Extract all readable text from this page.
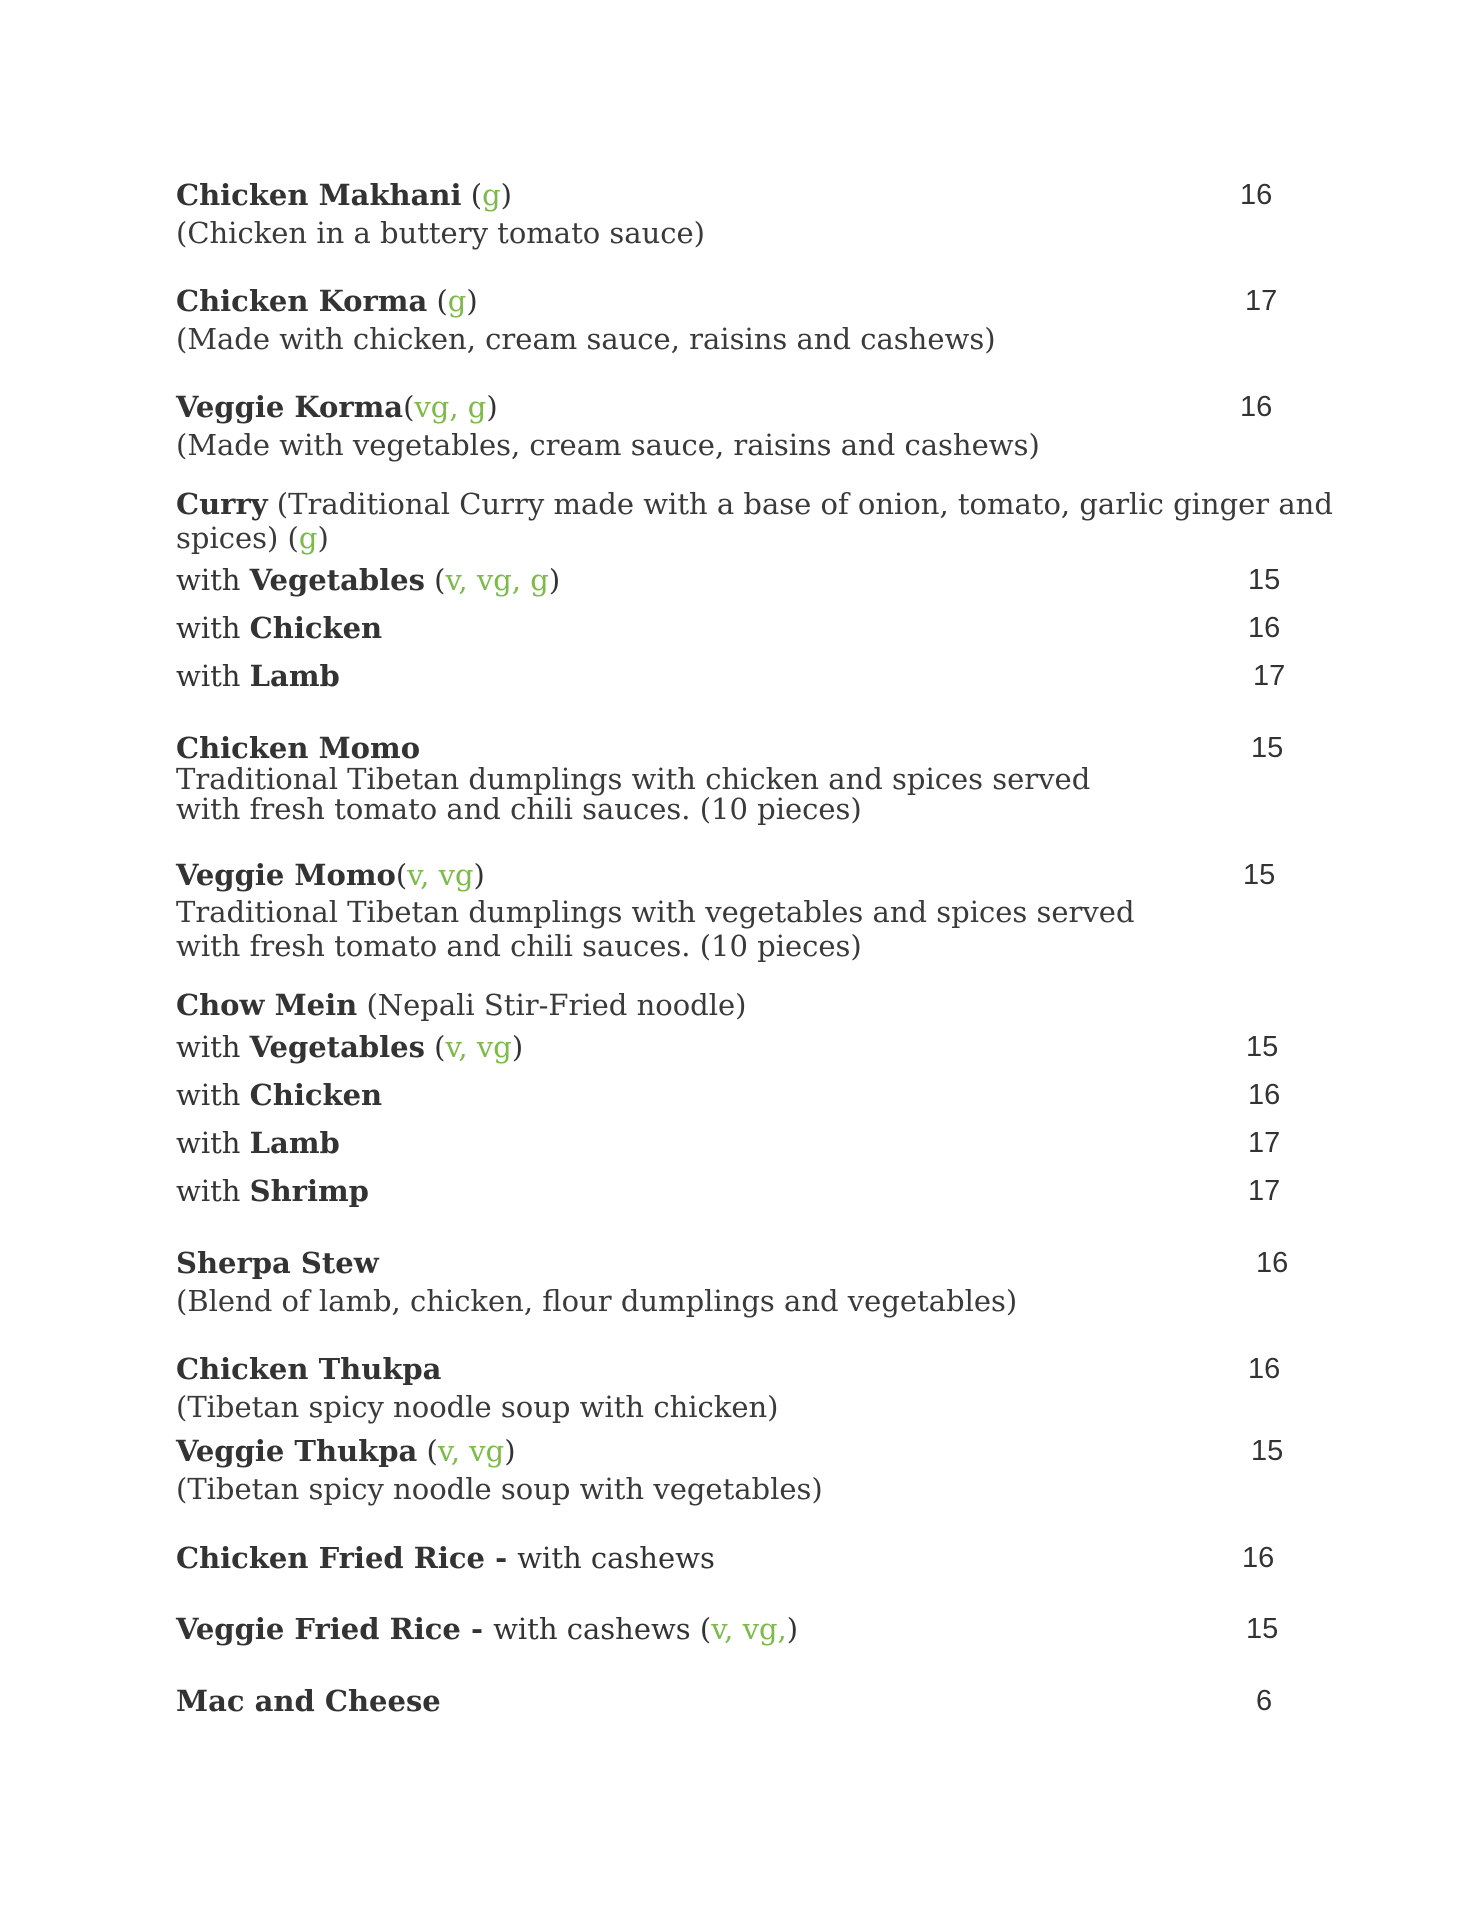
Chicken Makhani (g)	16
(Chicken in a buttery tomato sauce)
Chicken Korma (g)	17
(Made with chicken, cream sauce, raisins and cashews)
Veggie Korma(vg, g)	16
(Made with vegetables, cream sauce, raisins and cashews)
Curry (Traditional Curry made with a base of onion, tomato, garlic ginger and
spices) (g)
with Vegetables (v, vg, g)	15
with Chicken	16
with Lamb	17
Chicken Momo	15
Traditional Tibetan dumplings with chicken and spices served
with fresh tomato and chili sauces. (10 pieces)
Veggie Momo(v, vg)	15
Traditional Tibetan dumplings with vegetables and spices served
with fresh tomato and chili sauces. (10 pieces)
Chow Mein (Nepali Stir-Fried noodle)
with Vegetables (v, vg)	15
with Chicken	16
with Lamb	17
with Shrimp	17
Sherpa Stew	16
(Blend of lamb, chicken, flour dumplings and vegetables)
Chicken Thukpa	16
(Tibetan spicy noodle soup with chicken)
Veggie Thukpa (v, vg)	15
(Tibetan spicy noodle soup with vegetables)
Chicken Fried Rice - with cashews	16
Veggie Fried Rice - with cashews (v, vg,)	15
Mac and Cheese	6
